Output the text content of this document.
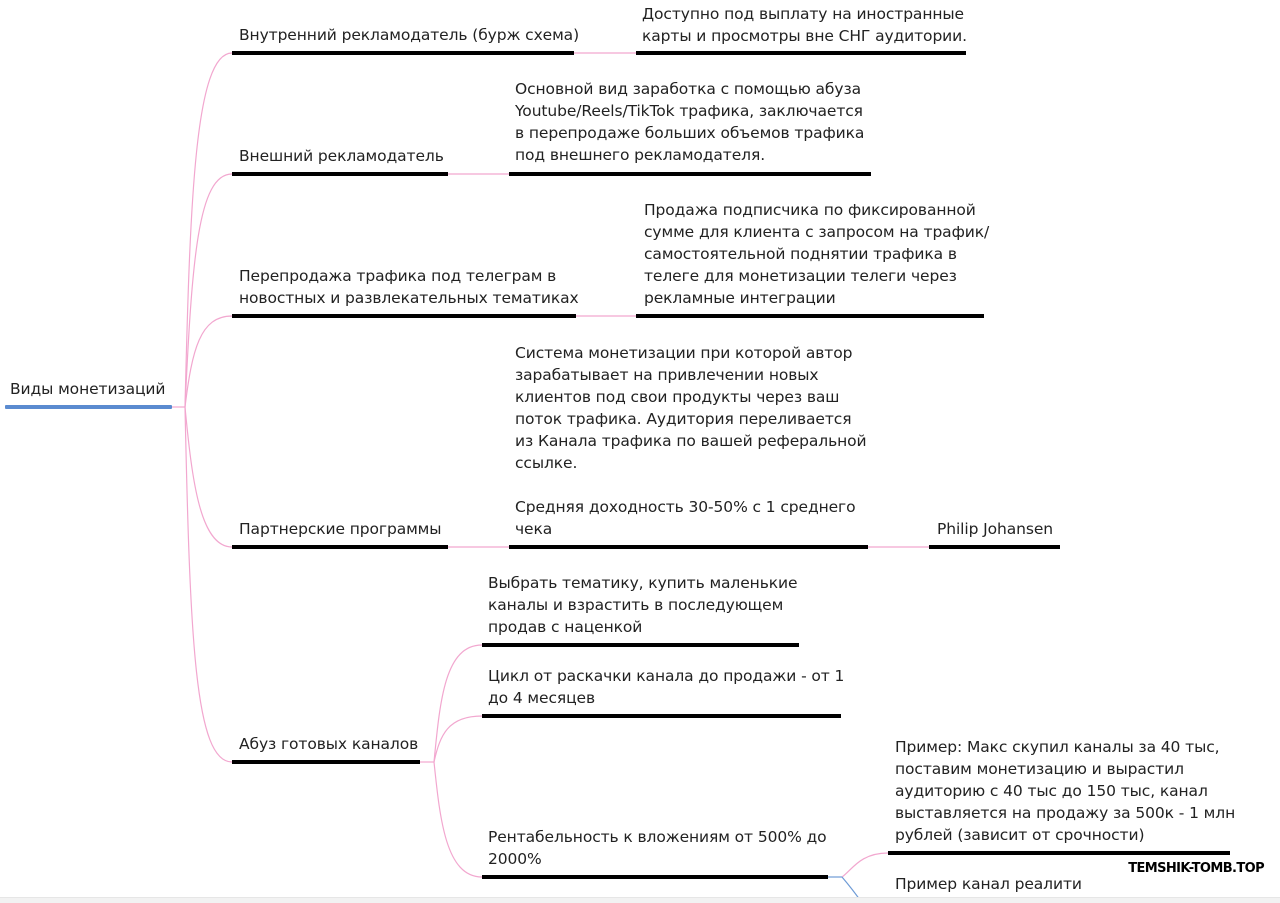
Виды монетизаций
Внутренний рекламодатель (бурж схема)
Доступно под выплату на иностранные
карты и просмотры вне СНГ аудитории.
Внешний рекламодатель
Основной вид заработка с помощью абуза
Youtube/Reels/TikTok трафика, заключается
в перепродаже больших объемов трафика
под внешнего рекламодателя.
Перепродажа трафика под телеграм в
новостных и развлекательных тематиках
Продажа подписчика по фиксированной
сумме для клиента с запросом на трафик/
самостоятельной поднятии трафика в
телеге для монетизации телеги через
рекламные интеграции
Партнерские программы
Система монетизации при которой автор
зарабатывает на привлечении новых
клиентов под свои продукты через ваш
поток трафика. Аудитория переливается
из Канала трафика по вашей реферальной
ссылке.

Средняя доходность 30-50% с 1 среднего
чека	Philip Johansen
Абуз готовых каналов
Выбрать тематику, купить маленькие
каналы и взрастить в последующем
продав с наценкой
Цикл от раскачки канала до продажи - от 1
до 4 месяцев
Рентабельность к вложениям от 500% до
2000%
Пример: Макс скупил каналы за 40 тыс,
поставим монетизацию и вырастил
аудиторию с 40 тыс до 150 тыс, канал
выставляется на продажу за 500к - 1 млн
рублей (зависит от срочности)
Пример канал реалити
TEMSHIK-TOMB.TOP
